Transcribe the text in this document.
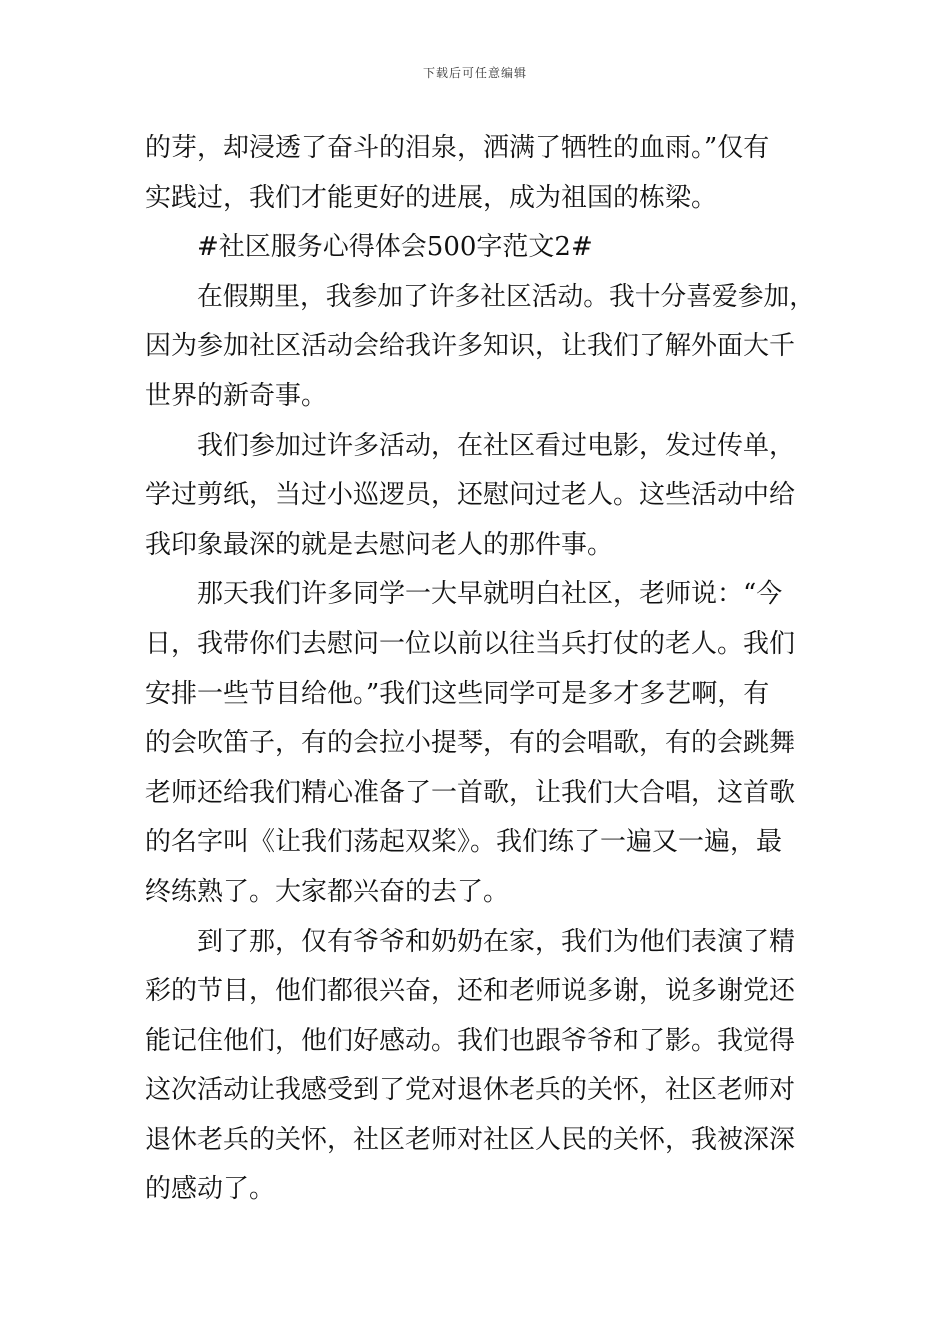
下载后可任意编辑
的芽，却浸透了奋斗的泪泉，洒满了牺牲的血雨。”仅有
实践过，我们才能更好的进展，成为祖国的栋梁。
#社区服务心得体会500字范文2#
在假期里，我参加了许多社区活动。我十分喜爱参加，
因为参加社区活动会给我许多知识，让我们了解外面大千
世界的新奇事。
我们参加过许多活动，在社区看过电影，发过传单，
学过剪纸，当过小巡逻员，还慰问过老人。这些活动中给
我印象最深的就是去慰问老人的那件事。
那天我们许多同学一大早就明白社区，老师说：“今
日，我带你们去慰问一位以前以往当兵打仗的老人。我们
安排一些节目给他。”我们这些同学可是多才多艺啊，有
的会吹笛子，有的会拉小提琴，有的会唱歌，有的会跳舞
老师还给我们精心准备了一首歌，让我们大合唱，这首歌
的名字叫《让我们荡起双桨》。我们练了一遍又一遍，最
终练熟了。大家都兴奋的去了。
到了那，仅有爷爷和奶奶在家，我们为他们表演了精
彩的节目，他们都很兴奋，还和老师说多谢，说多谢党还
能记住他们，他们好感动。我们也跟爷爷和了影。我觉得
这次活动让我感受到了党对退休老兵的关怀，社区老师对
退休老兵的关怀，社区老师对社区人民的关怀，我被深深
的感动了。
